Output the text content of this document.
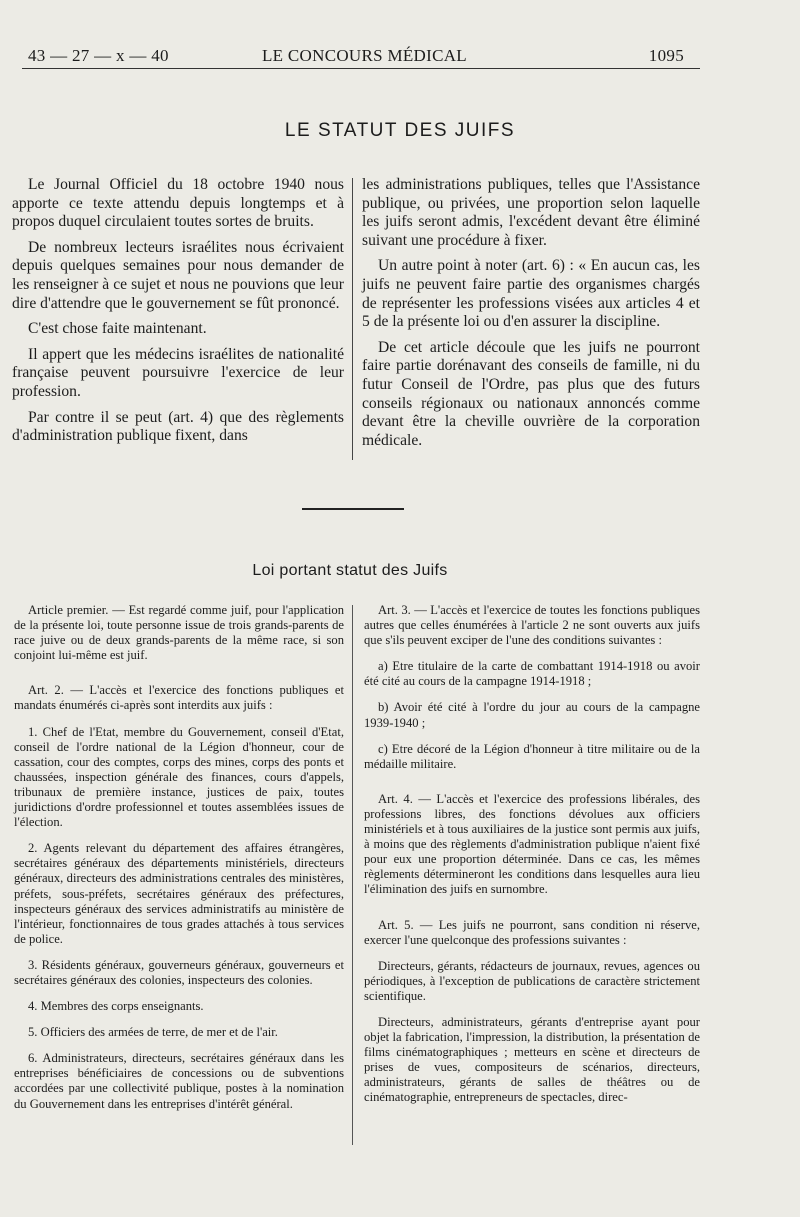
43 — 27 — x — 40	LE CONCOURS MÉDICAL	1095
LE STATUT DES JUIFS

Le Journal Officiel du 18 octobre 1940 nous apporte ce texte attendu depuis longtemps et à propos duquel circulaient toutes sortes de bruits.

De nombreux lecteurs israélites nous écrivaient depuis quelques semaines pour nous demander de les renseigner à ce sujet et nous ne pouvions que leur dire d'attendre que le gouvernement se fût prononcé.

C'est chose faite maintenant.

Il appert que les médecins israélites de nationalité française peuvent poursuivre l'exercice de leur profession.

Par contre il se peut (art. 4) que des règlements d'administration publique fixent, dans

les administrations publiques, telles que l'Assistance publique, ou privées, une proportion selon laquelle les juifs seront admis, l'excédent devant être éliminé suivant une procédure à fixer.

Un autre point à noter (art. 6) : « En aucun cas, les juifs ne peuvent faire partie des organismes chargés de représenter les professions visées aux articles 4 et 5 de la présente loi ou d'en assurer la discipline.

De cet article découle que les juifs ne pourront faire partie dorénavant des conseils de famille, ni du futur Conseil de l'Ordre, pas plus que des futurs conseils régionaux ou nationaux annoncés comme devant être la cheville ouvrière de la corporation médicale.

Loi portant statut des Juifs

Article premier. — Est regardé comme juif, pour l'application de la présente loi, toute personne issue de trois grands-parents de race juive ou de deux grands-parents de la même race, si son conjoint lui-même est juif.

Art. 2. — L'accès et l'exercice des fonctions publiques et mandats énumérés ci-après sont interdits aux juifs :

1. Chef de l'Etat, membre du Gouvernement, conseil d'Etat, conseil de l'ordre national de la Légion d'honneur, cour de cassation, cour des comptes, corps des mines, corps des ponts et chaussées, inspection générale des finances, cours d'appels, tribunaux de première instance, justices de paix, toutes juridictions d'ordre professionnel et toutes assemblées issues de l'élection.

2. Agents relevant du département des affaires étrangères, secrétaires généraux des départements ministériels, directeurs généraux, directeurs des administrations centrales des ministères, préfets, sous-préfets, secrétaires généraux des préfectures, inspecteurs généraux des services administratifs au ministère de l'intérieur, fonctionnaires de tous grades attachés à tous services de police.

3. Résidents généraux, gouverneurs généraux, gouverneurs et secrétaires généraux des colonies, inspecteurs des colonies.

4. Membres des corps enseignants.

5. Officiers des armées de terre, de mer et de l'air.

6. Administrateurs, directeurs, secrétaires généraux dans les entreprises bénéficiaires de concessions ou de subventions accordées par une collectivité publique, postes à la nomination du Gouvernement dans les entreprises d'intérêt général.

Art. 3. — L'accès et l'exercice de toutes les fonctions publiques autres que celles énumérées à l'article 2 ne sont ouverts aux juifs que s'ils peuvent exciper de l'une des conditions suivantes :

a) Etre titulaire de la carte de combattant 1914-1918 ou avoir été cité au cours de la campagne 1914-1918 ;

b) Avoir été cité à l'ordre du jour au cours de la campagne 1939-1940 ;

c) Etre décoré de la Légion d'honneur à titre militaire ou de la médaille militaire.

Art. 4. — L'accès et l'exercice des professions libérales, des professions libres, des fonctions dévolues aux officiers ministériels et à tous auxiliaires de la justice sont permis aux juifs, à moins que des règlements d'administration publique n'aient fixé pour eux une proportion déterminée. Dans ce cas, les mêmes règlements détermineront les conditions dans lesquelles aura lieu l'élimination des juifs en surnombre.

Art. 5. — Les juifs ne pourront, sans condition ni réserve, exercer l'une quelconque des professions suivantes :

Directeurs, gérants, rédacteurs de journaux, revues, agences ou périodiques, à l'exception de publications de caractère strictement scientifique.

Directeurs, administrateurs, gérants d'entreprise ayant pour objet la fabrication, l'impression, la distribution, la présentation de films cinématographiques ; metteurs en scène et directeurs de prises de vues, compositeurs de scénarios, directeurs, administrateurs, gérants de salles de théâtres ou de cinématographie, entrepreneurs de spectacles, direc-
